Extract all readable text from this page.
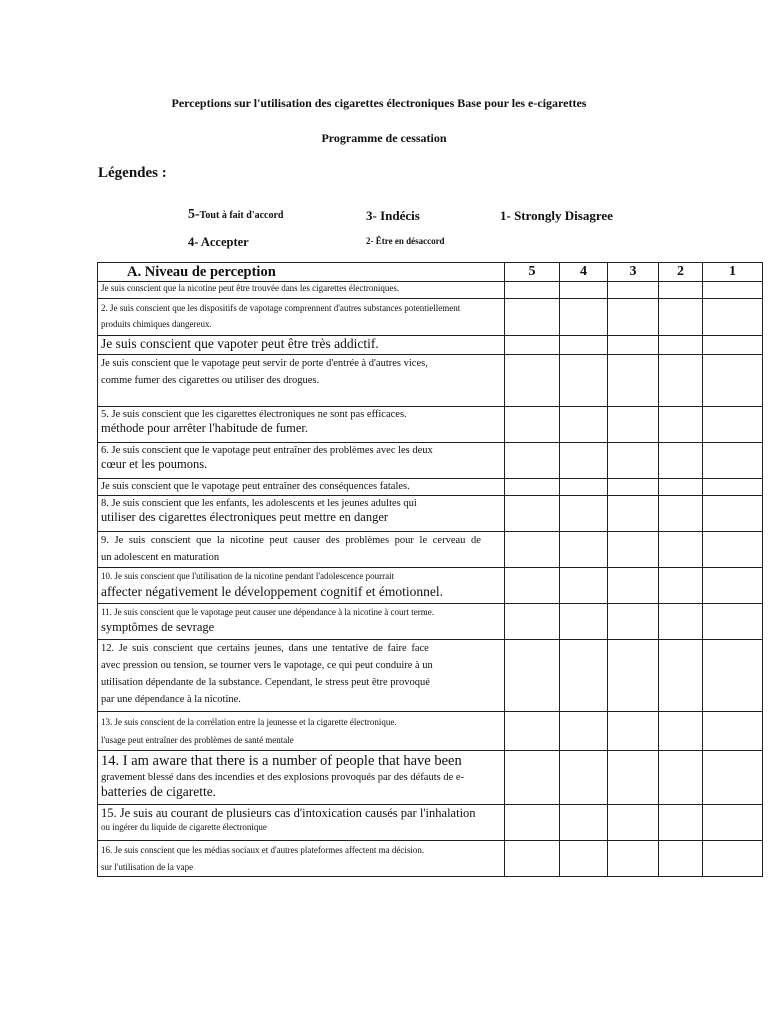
Perceptions sur l'utilisation des cigarettes électroniques Base pour les e-cigarettes
Programme de cessation
Légendes :
5-Tout à fait d'accord	3- Indécis	1- Strongly Disagree
4- Accepter	2- Être en désaccord
A. Niveau de perception	5	4	3	2	1

Je suis conscient que la nicotine peut être trouvée dans les cigarettes électroniques.					

2. Je suis conscient que les dispositifs de vapotage comprennent d'autres substances potentiellement
produits chimiques dangereux.					

Je suis conscient que vapoter peut être très addictif.					

Je suis conscient que le vapotage peut servir de porte d'entrée à d'autres vices,
comme fumer des cigarettes ou utiliser des drogues.					

5. Je suis conscient que les cigarettes électroniques ne sont pas efficaces.
méthode pour arrêter l'habitude de fumer.					

6. Je suis conscient que le vapotage peut entraîner des problèmes avec les deux
cœur et les poumons.					

Je suis conscient que le vapotage peut entraîner des conséquences fatales.					

8. Je suis conscient que les enfants, les adolescents et les jeunes adultes qui
utiliser des cigarettes électroniques peut mettre en danger					

9. Je suis conscient que la nicotine peut causer des problèmes pour le cerveau de
un adolescent en maturation					

10. Je suis conscient que l'utilisation de la nicotine pendant l'adolescence pourrait
affecter négativement le développement cognitif et émotionnel.					

11. Je suis conscient que le vapotage peut causer une dépendance à la nicotine à court terme.
symptômes de sevrage					

12. Je suis conscient que certains jeunes, dans une tentative de faire face
avec pression ou tension, se tourner vers le vapotage, ce qui peut conduire à un
utilisation dépendante de la substance. Cependant, le stress peut être provoqué
par une dépendance à la nicotine.					

13. Je suis conscient de la corrélation entre la jeunesse et la cigarette électronique.
l'usage peut entraîner des problèmes de santé mentale					

14. I am aware that there is a number of people that have been
gravement blessé dans des incendies et des explosions provoqués par des défauts de e-
batteries de cigarette.					

15. Je suis au courant de plusieurs cas d'intoxication causés par l'inhalation
ou ingérer du liquide de cigarette électronique					

16. Je suis conscient que les médias sociaux et d'autres plateformes affectent ma décision.
sur l'utilisation de la vape					
